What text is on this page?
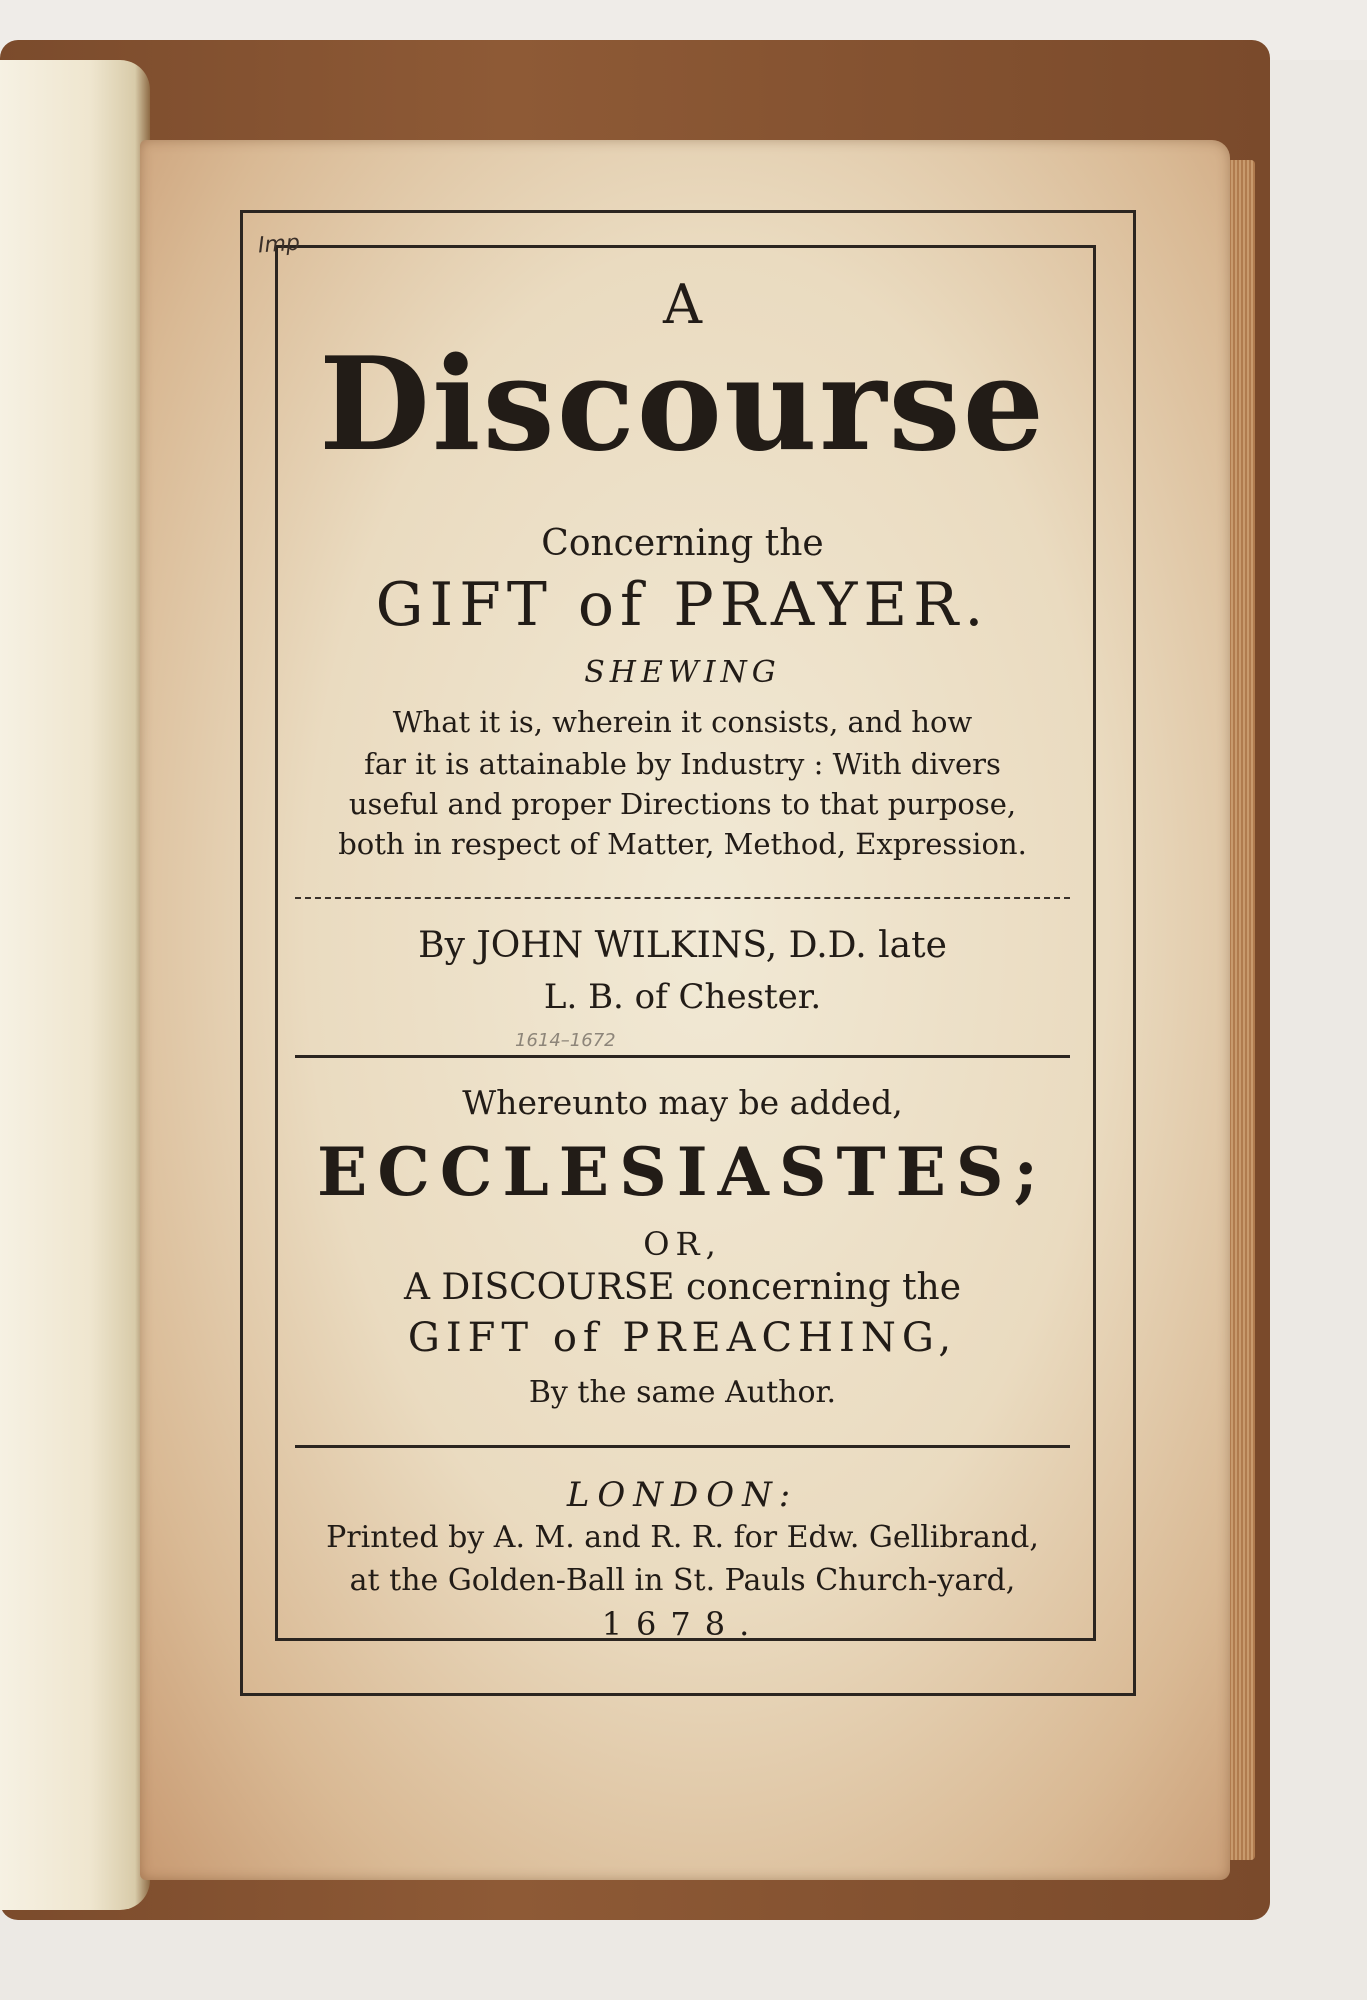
Imp
A
Discourse
Concerning the
GIFT of PRAYER.
SHEWING
What it is, wherein it consists, and how
far it is attainable by Industry : With divers
useful and proper Directions to that purpose,
both in respect of Matter, Method, Expression.
By JOHN WILKINS, D.D. late
L. B. of Chester.
1614–1672
Whereunto may be added,
ECCLESIASTES;
OR,
A DISCOURSE concerning the
GIFT of PREACHING,
By the same Author.
LONDON:
Printed by A. M. and R. R. for Edw. Gellibrand,
at the Golden-Ball in St. Pauls Church-yard,
1678.
